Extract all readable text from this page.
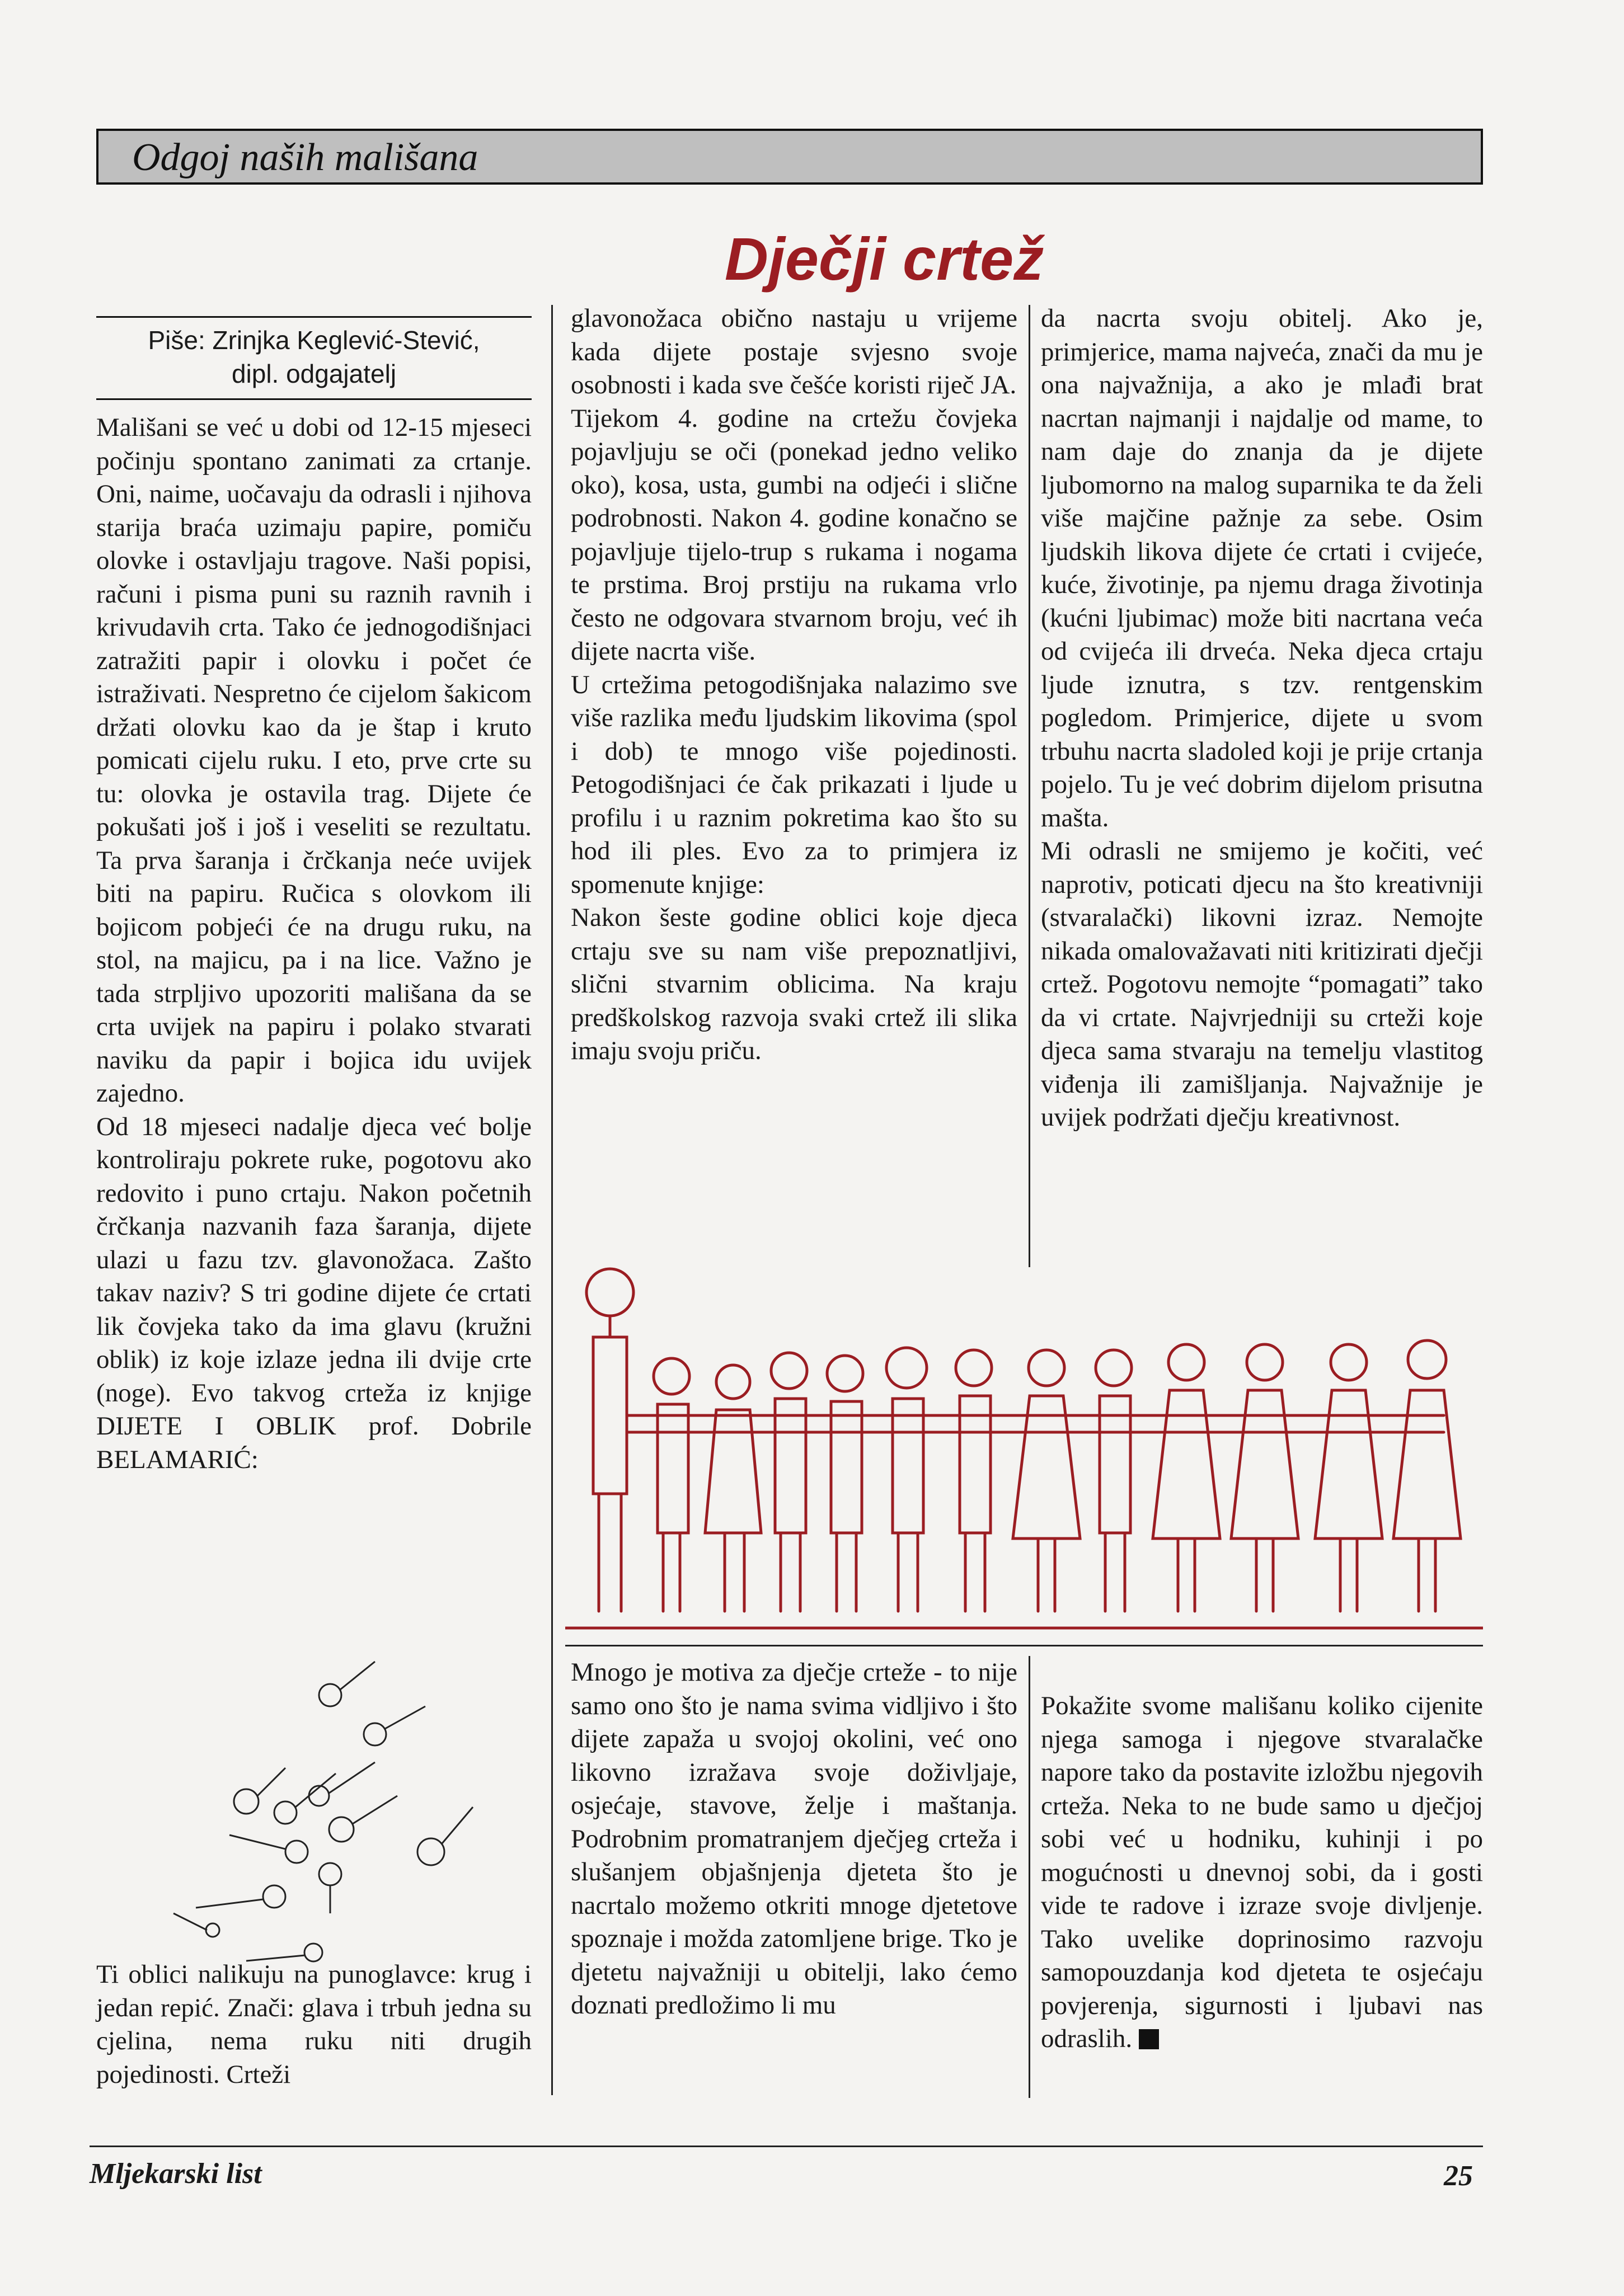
Odgoj naših mališana
Dječji crtež
Piše: Zrinjka Keglević-Stević,
dipl. odgajatelj

Mališani se već u dobi od 12-15 mjeseci počinju spontano zanimati za crtanje. Oni, naime, uočavaju da odrasli i njihova starija braća uzimaju papire, pomiču olovke i ostavljaju tragove. Naši popisi, računi i pisma puni su raznih ravnih i krivudavih crta. Tako će jednogodišnjaci zatražiti papir i olovku i počet će istraživati. Nespretno će cijelom šakicom držati olovku kao da je štap i kruto pomicati cijelu ruku. I eto, prve crte su tu: olovka je ostavila trag. Dijete će pokušati još i još i veseliti se rezultatu. Ta prva šaranja i črčkanja neće uvijek biti na papiru. Ručica s olovkom ili bojicom pobjeći će na drugu ruku, na stol, na majicu, pa i na lice. Važno je tada strpljivo upozoriti mališana da se crta uvijek na papiru i polako stvarati naviku da papir i bojica idu uvijek zajedno.

Od 18 mjeseci nadalje djeca već bolje kontroliraju pokrete ruke, pogotovu ako redovito i puno crtaju. Nakon početnih črčkanja nazvanih faza šaranja, dijete ulazi u fazu tzv. glavonožaca. Zašto takav naziv? S tri godine dijete će crtati lik čovjeka tako da ima glavu (kružni oblik) iz koje izlaze jedna ili dvije crte (noge). Evo takvog crteža iz knjige DIJETE I OBLIK prof. Dobrile BELAMARIĆ:

Ti oblici nalikuju na punoglavce: krug i jedan repić. Znači: glava i trbuh jedna su cjelina, nema ruku niti drugih pojedinosti. Crteži

glavonožaca obično nastaju u vrijeme kada dijete postaje svjesno svoje osobnosti i kada sve češće koristi riječ JA.

Tijekom 4. godine na crtežu čovjeka pojavljuju se oči (ponekad jedno veliko oko), kosa, usta, gumbi na odjeći i slične podrobnosti. Nakon 4. godine konačno se pojavljuje tijelo-trup s rukama i nogama te prstima. Broj prstiju na rukama vrlo često ne odgovara stvarnom broju, već ih dijete nacrta više.

U crtežima petogodišnjaka nalazimo sve više razlika među ljudskim likovima (spol i dob) te mnogo više pojedinosti. Petogodišnjaci će čak prikazati i ljude u profilu i u raznim pokretima kao što su hod ili ples. Evo za to primjera iz spomenute knjige:

Nakon šeste godine oblici koje djeca crtaju sve su nam više prepoznatljivi, slični stvarnim oblicima. Na kraju predškolskog razvoja svaki crtež ili slika imaju svoju priču.

da nacrta svoju obitelj. Ako je, primjerice, mama najveća, znači da mu je ona najvažnija, a ako je mlađi brat nacrtan najmanji i najdalje od mame, to nam daje do znanja da je dijete ljubomorno na malog suparnika te da želi više majčine pažnje za sebe. Osim ljudskih likova dijete će crtati i cvijeće, kuće, životinje, pa njemu draga životinja (kućni ljubimac) može biti nacrtana veća od cvijeća ili drveća. Neka djeca crtaju ljude iznutra, s tzv. rentgenskim pogledom. Primjerice, dijete u svom trbuhu nacrta sladoled koji je prije crtanja pojelo. Tu je već dobrim dijelom prisutna mašta.

Mi odrasli ne smijemo je kočiti, već naprotiv, poticati djecu na što kreativniji (stvaralački) likovni izraz. Nemojte nikada omalovažavati niti kritizirati dječji crtež. Pogotovu nemojte “pomagati” tako da vi crtate. Najvrjedniji su crteži koje djeca sama stvaraju na temelju vlastitog viđenja ili zamišljanja. Najvažnije je uvijek podržati dječju kreativnost.

Mnogo je motiva za dječje crteže - to nije samo ono što je nama svima vidljivo i što dijete zapaža u svojoj okolini, već ono likovno izražava svoje doživljaje, osjećaje, stavove, želje i maštanja. Podrobnim promatranjem dječjeg crteža i slušanjem objašnjenja djeteta što je nacrtalo možemo otkriti mnoge djetetove spoznaje i možda zatomljene brige. Tko je djetetu najvažniji u obitelji, lako ćemo doznati predložimo li mu

Pokažite svome mališanu koliko cijenite njega samoga i njegove stvaralačke napore tako da postavite izložbu njegovih crteža. Neka to ne bude samo u dječjoj sobi već u hodniku, kuhinji i po mogućnosti u dnevnoj sobi, da i gosti vide te radove i izraze svoje divljenje. Tako uvelike doprinosimo razvoju samopouzdanja kod djeteta te osjećaju povjerenja, sigurnosti i ljubavi nas odraslih.

Mljekarski list	25
